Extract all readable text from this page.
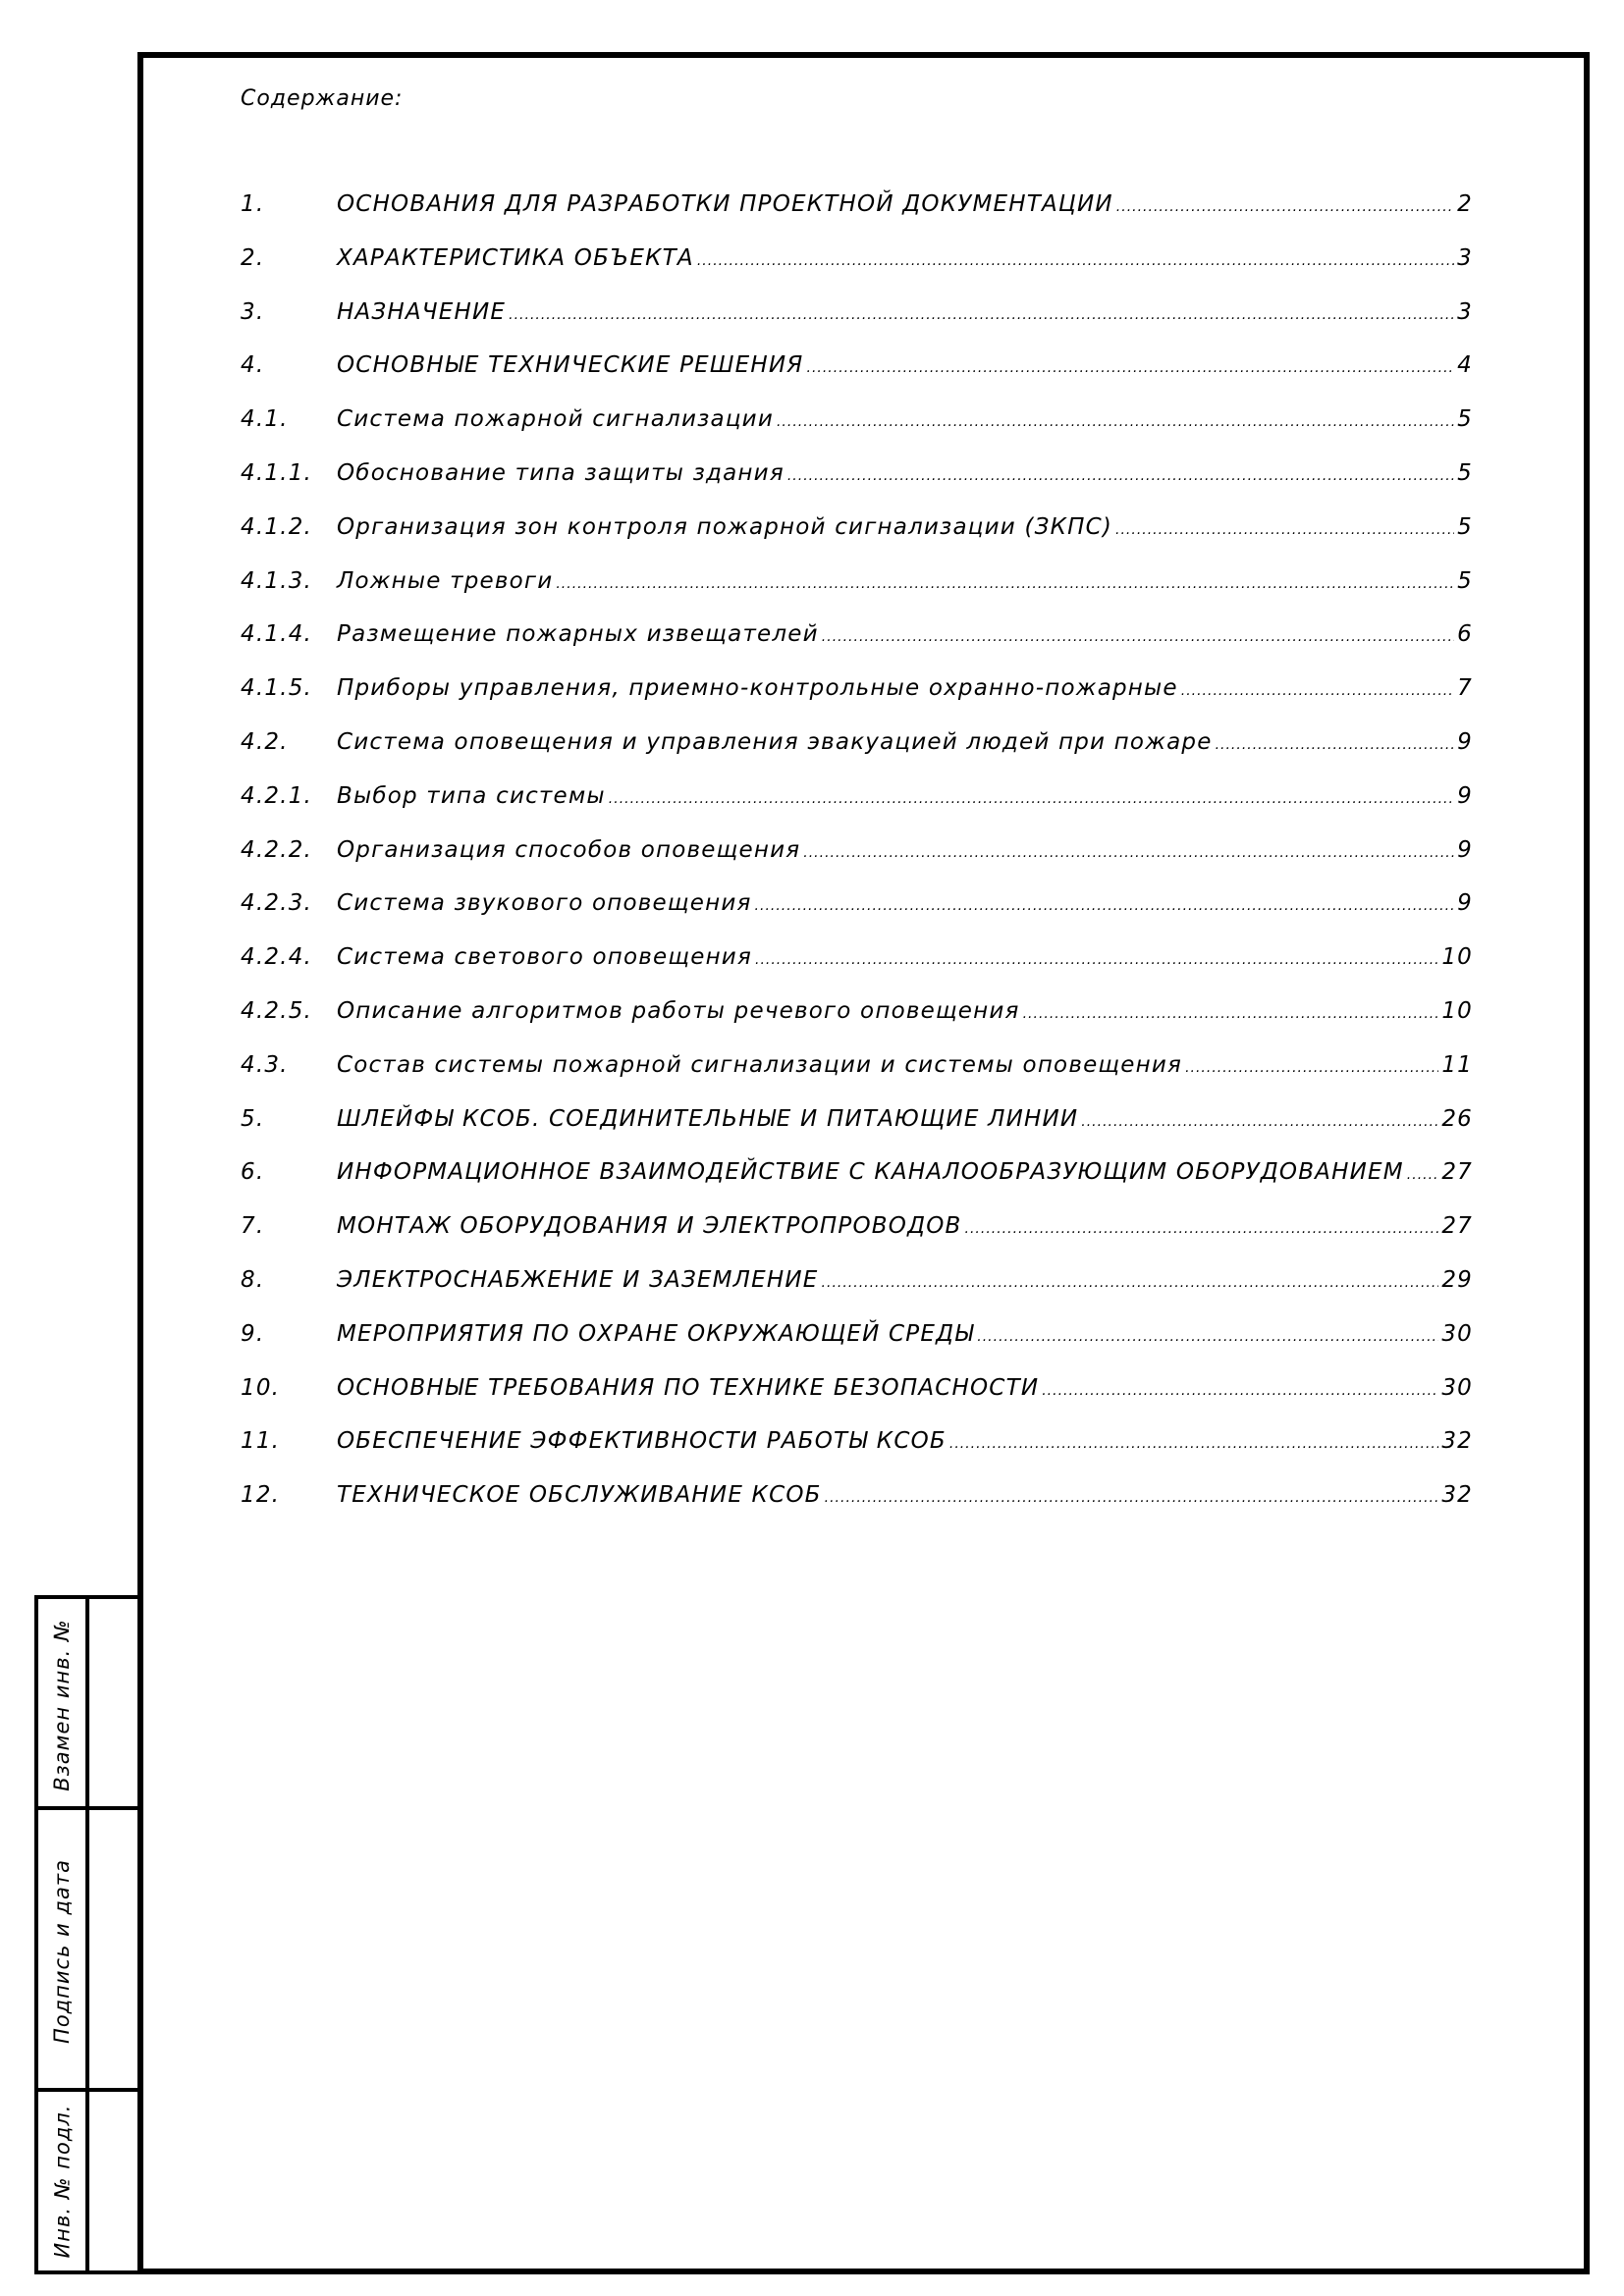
Взамен инв. №
Подпись и дата
Инв. № подл.
Содержание:
1.	ОСНОВАНИЯ ДЛЯ РАЗРАБОТКИ ПРОЕКТНОЙ ДОКУМЕНТАЦИИ .....	2
2.	ХАРАКТЕРИСТИКА ОБЪЕКТА .....	3
3.	НАЗНАЧЕНИЕ .....	3
4.	ОСНОВНЫЕ ТЕХНИЧЕСКИЕ РЕШЕНИЯ .....	4
4.1.	Система пожарной сигнализации .....	5
4.1.1.	Обоснование типа защиты здания .....	5
4.1.2.	Организация зон контроля пожарной сигнализации (ЗКПС) .....	5
4.1.3.	Ложные тревоги .....	5
4.1.4.	Размещение пожарных извещателей .....	6
4.1.5.	Приборы управления, приемно-контрольные охранно-пожарные .....	7
4.2.	Система оповещения и управления эвакуацией людей при пожаре .....	9
4.2.1.	Выбор типа системы .....	9
4.2.2.	Организация способов оповещения .....	9
4.2.3.	Система звукового оповещения .....	9
4.2.4.	Система светового оповещения .....	10
4.2.5.	Описание алгоритмов работы речевого оповещения .....	10
4.3.	Состав системы пожарной сигнализации и системы оповещения .....	11
5.	ШЛЕЙФЫ КСОБ. СОЕДИНИТЕЛЬНЫЕ И ПИТАЮЩИЕ ЛИНИИ .....	26
6.	ИНФОРМАЦИОННОЕ ВЗАИМОДЕЙСТВИЕ С КАНАЛООБРАЗУЮЩИМ ОБОРУДОВАНИЕМ ..... 27
7.	МОНТАЖ ОБОРУДОВАНИЯ И ЭЛЕКТРОПРОВОДОВ .....	27
8.	ЭЛЕКТРОСНАБЖЕНИЕ И ЗАЗЕМЛЕНИЕ .....	29
9.	МЕРОПРИЯТИЯ ПО ОХРАНЕ ОКРУЖАЮЩЕЙ СРЕДЫ .....	30
10.	ОСНОВНЫЕ ТРЕБОВАНИЯ ПО ТЕХНИКЕ БЕЗОПАСНОСТИ .....	30
11.	ОБЕСПЕЧЕНИЕ ЭФФЕКТИВНОСТИ РАБОТЫ КСОБ .....	32
12.	ТЕХНИЧЕСКОЕ ОБСЛУЖИВАНИЕ КСОБ .....	32
